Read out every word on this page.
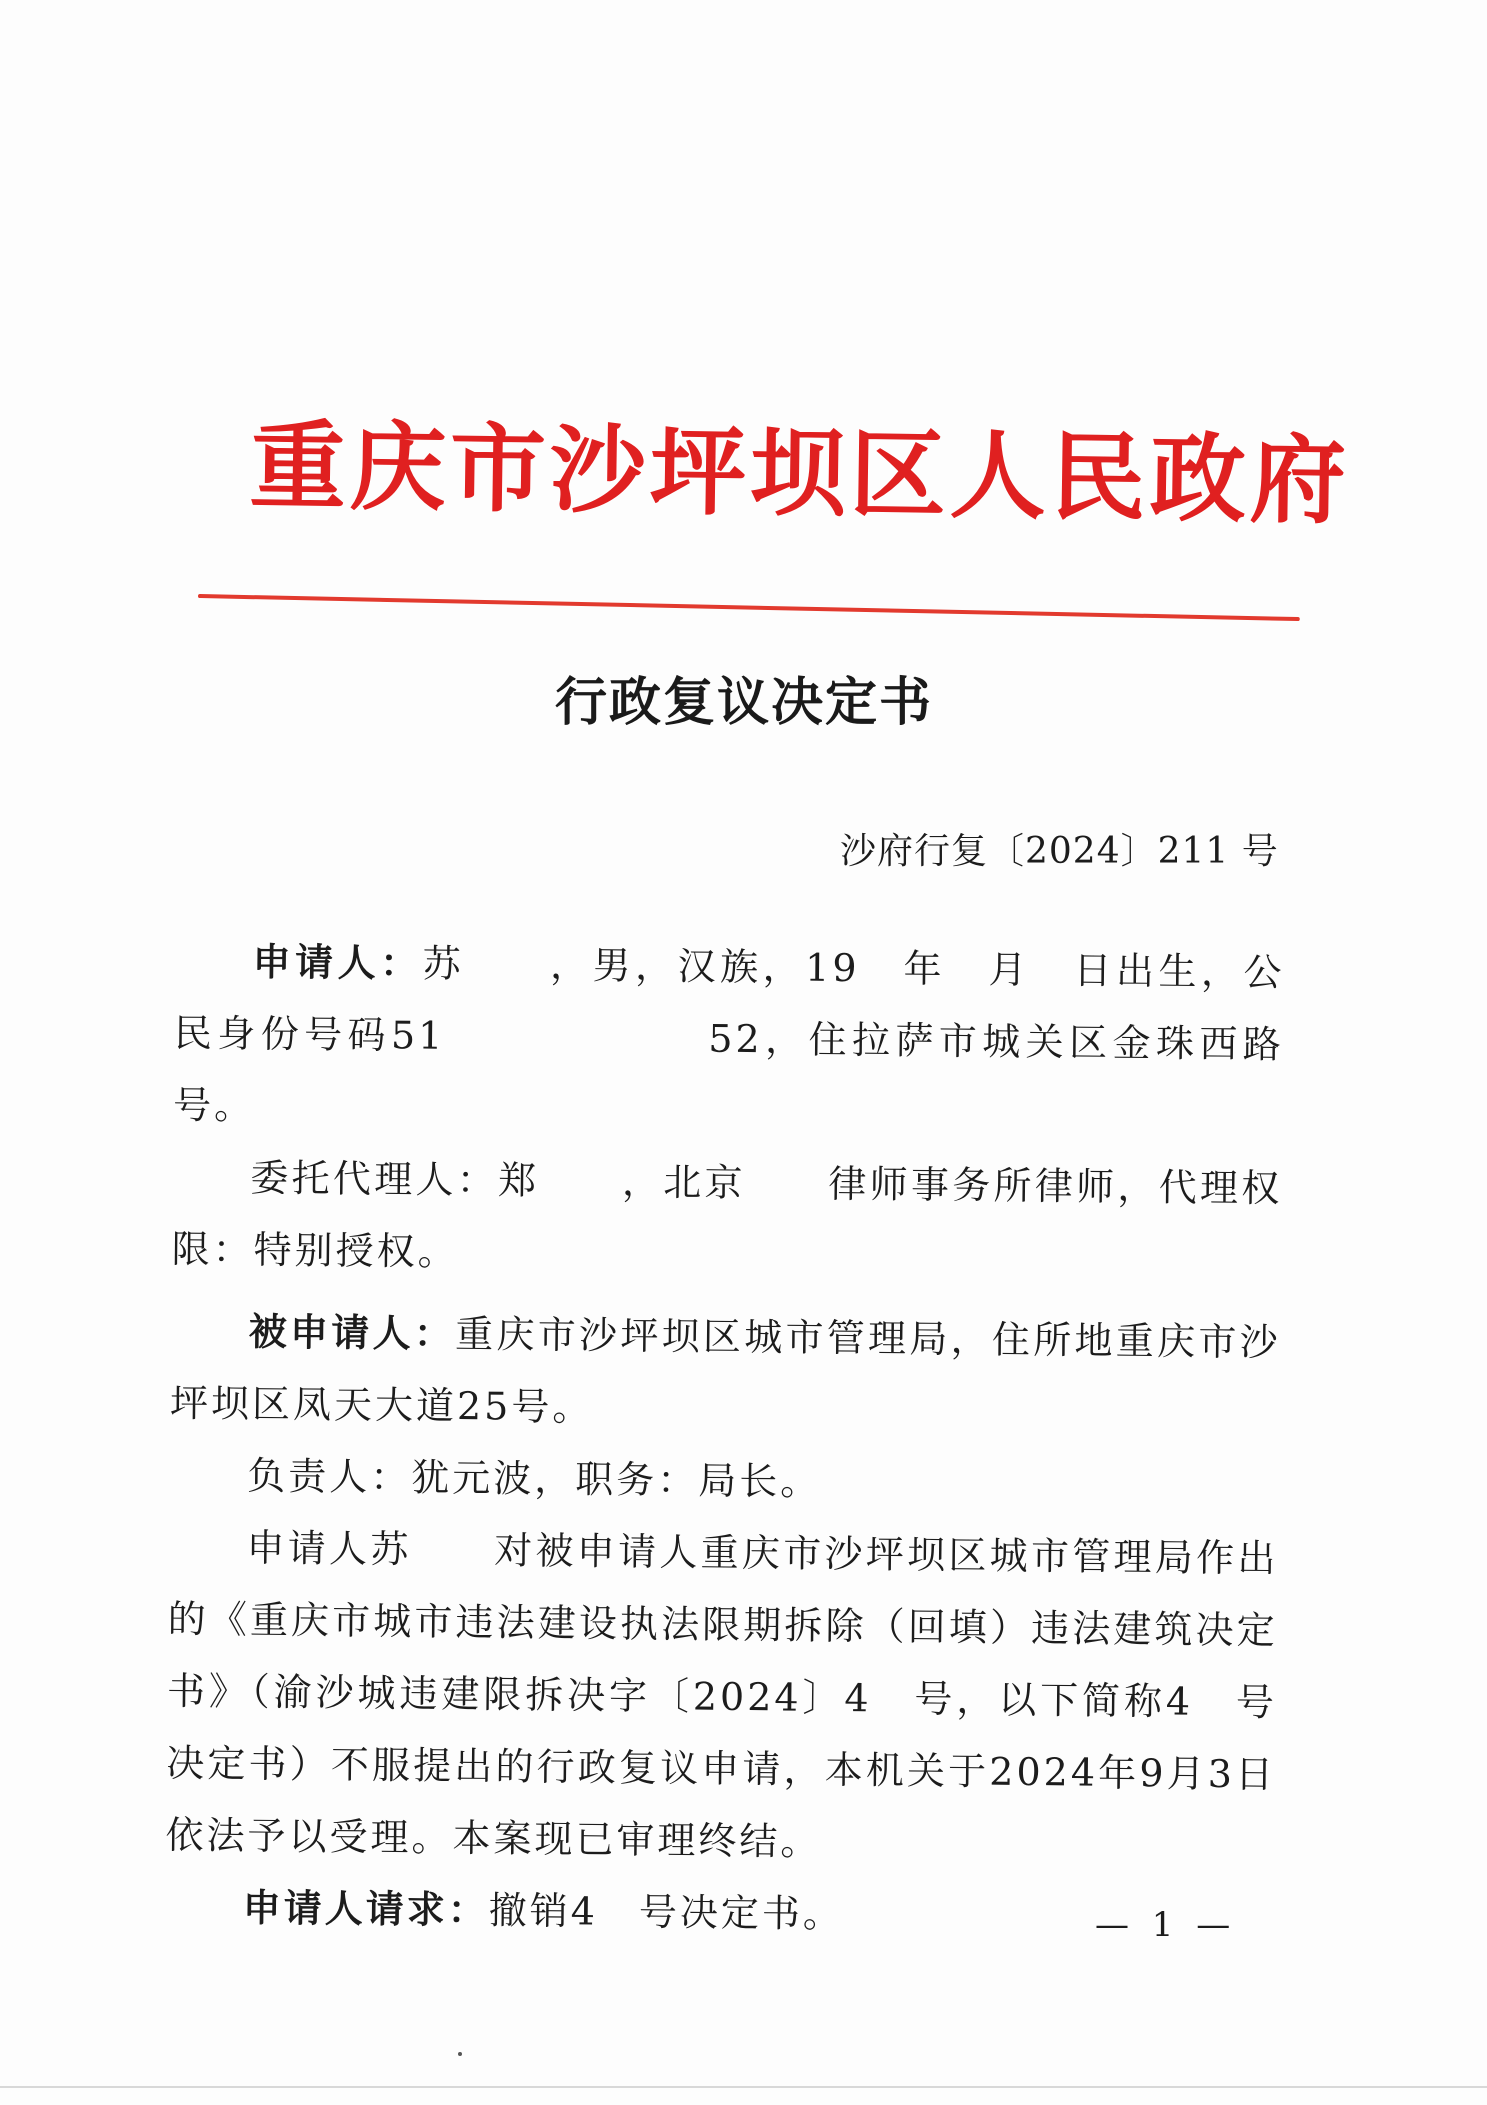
重庆市沙坪坝区人民政府
行政复议决定书
沙府行复〔2024〕211 号

申请人：苏　　，男，汉族，19　年　月　日出生，公民身份号码51　　　　　　52，住拉萨市城关区金珠西路　号。

委托代理人：郑　　，北京　　律师事务所律师，代理权限：特别授权。

被申请人：重庆市沙坪坝区城市管理局，住所地重庆市沙坪坝区凤天大道25号。

负责人：犹元波，职务：局长。

申请人苏　　对被申请人重庆市沙坪坝区城市管理局作出的《重庆市城市违法建设执法限期拆除（回填）违法建筑决定书》（渝沙城违建限拆决字〔2024〕4　号，以下简称4　号决定书）不服提出的行政复议申请，本机关于2024年9月3日依法予以受理。本案现已审理终结。

申请人请求：撤销4　号决定书。	— 1 —
